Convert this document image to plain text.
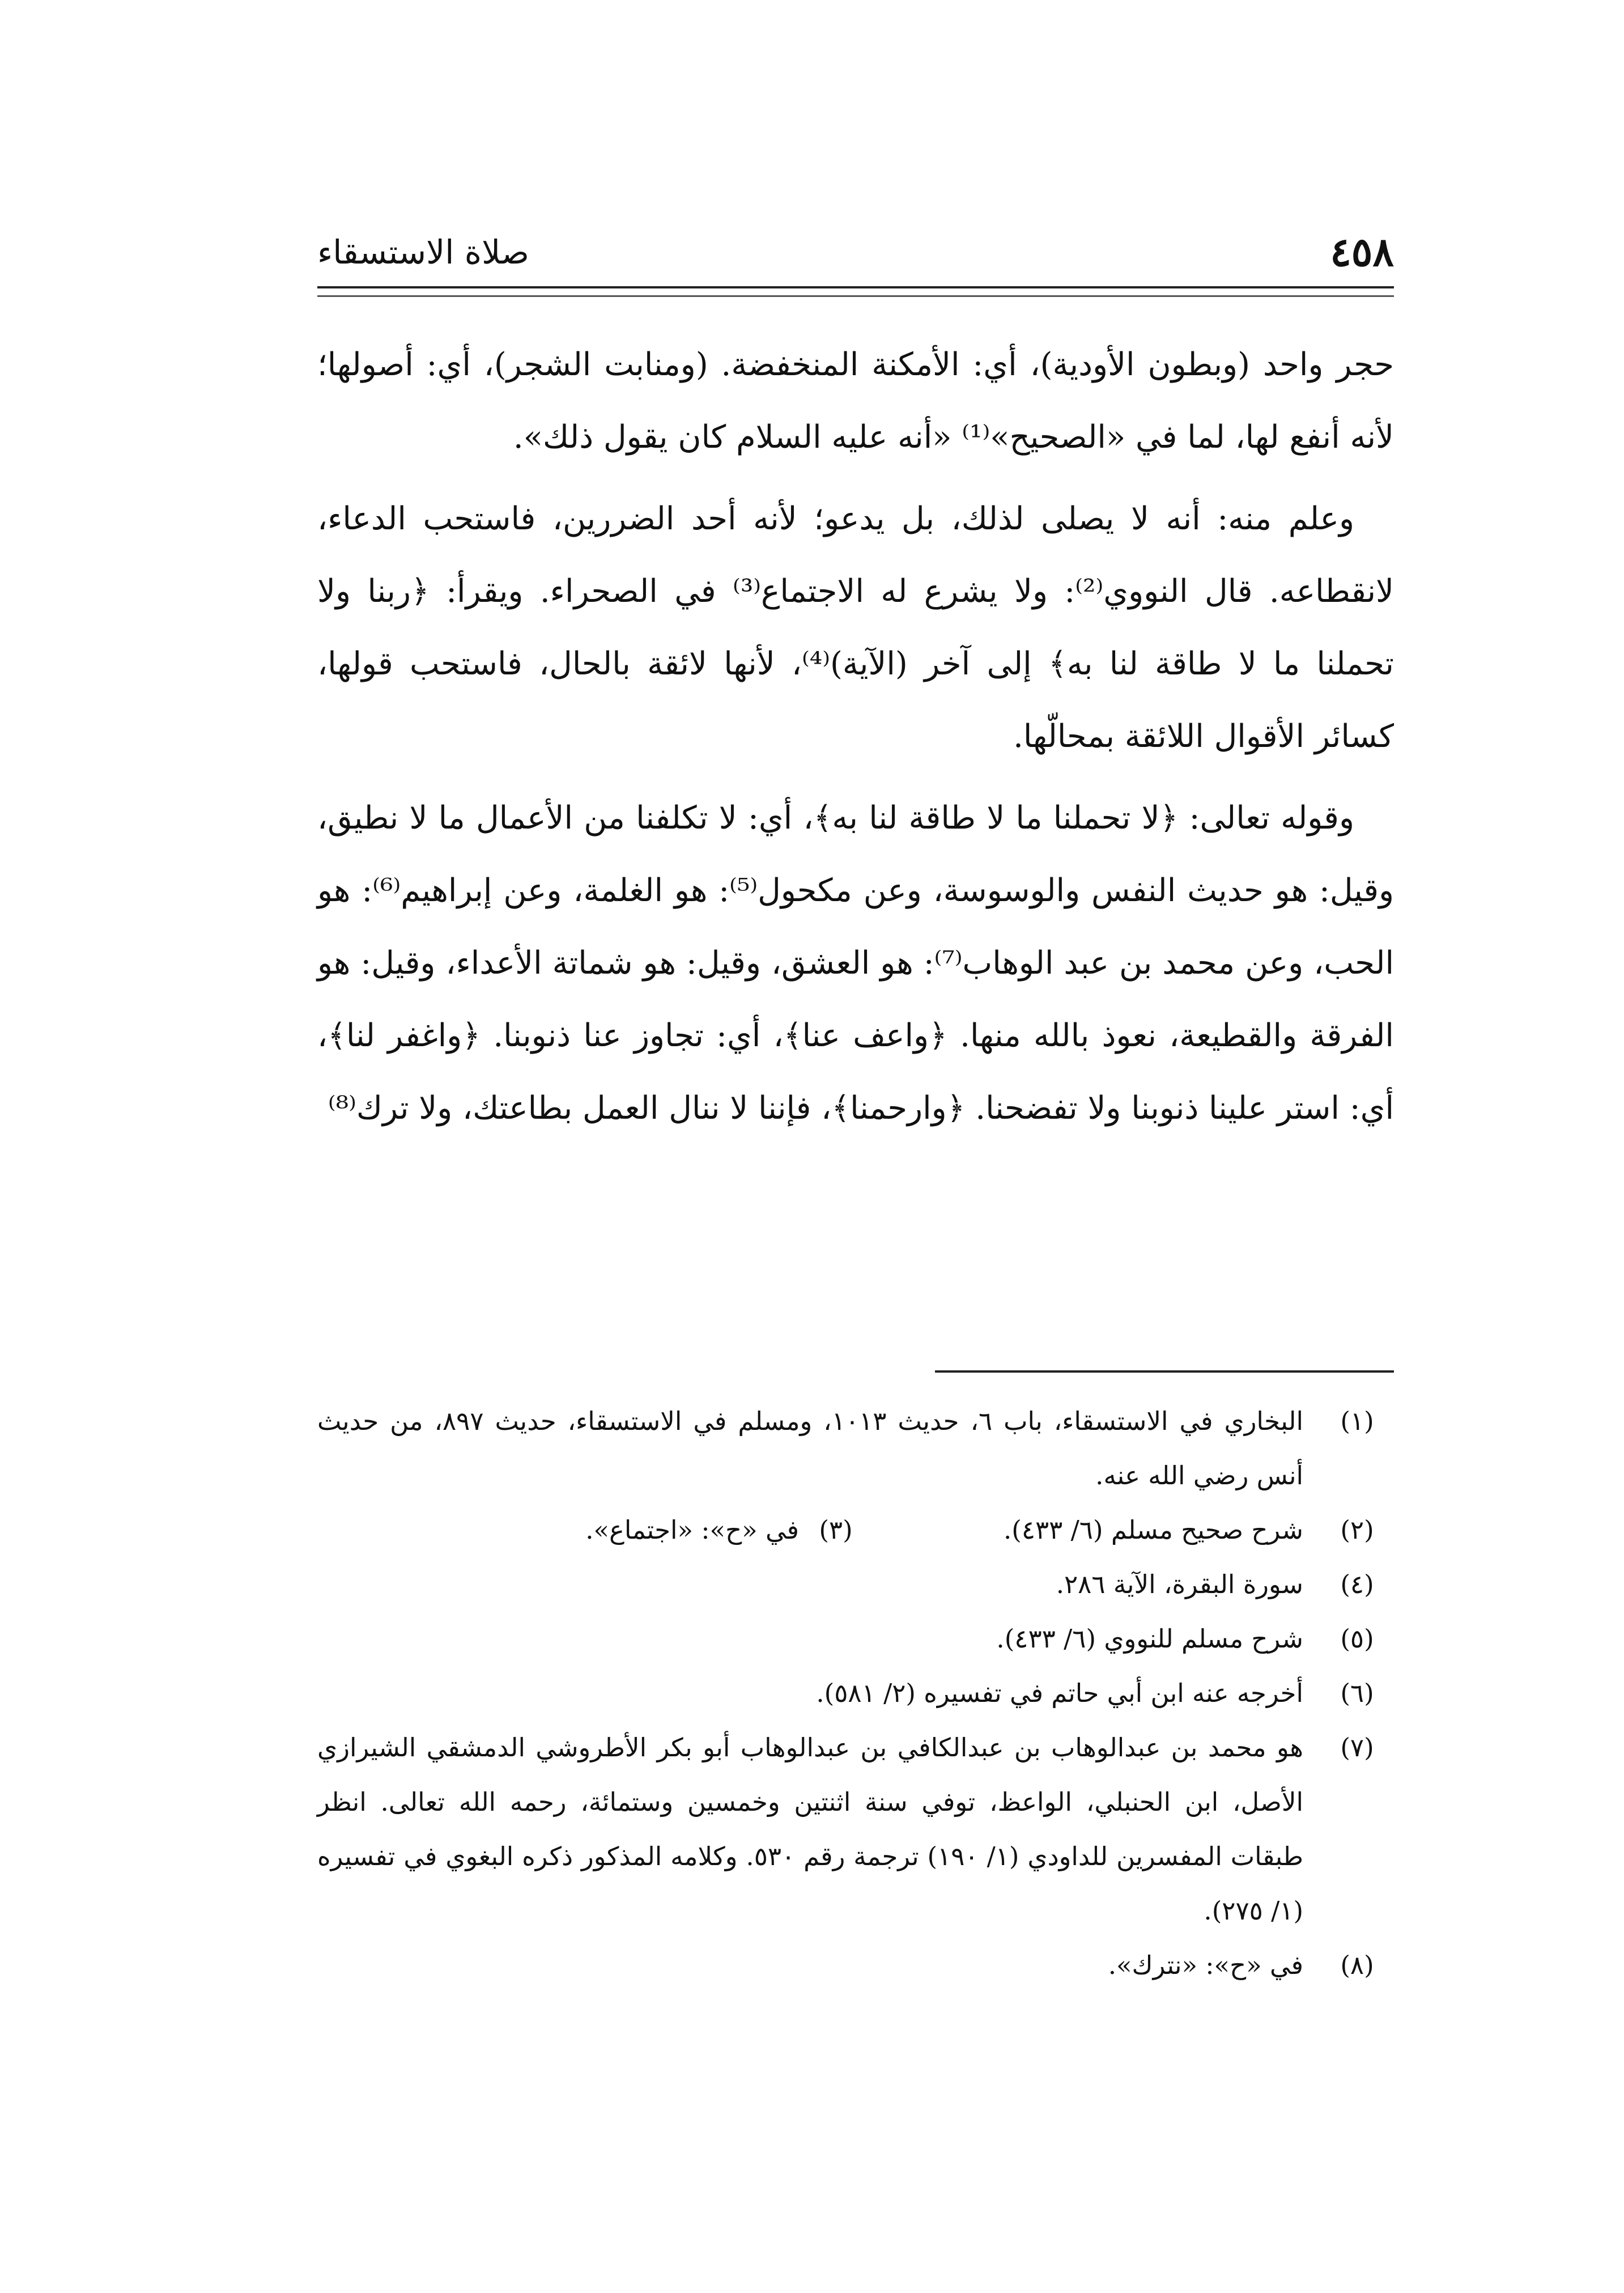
٤٥٨
صلاة الاستسقاء

حجر واحد (وبطون الأودية)، أي: الأمكنة المنخفضة. (ومنابت الشجر)، أي: أصولها؛ لأنه أنفع لها، لما في «الصحيح»⁽¹⁾ «أنه عليه السلام كان يقول ذلك».

وعلم منه: أنه لا يصلى لذلك، بل يدعو؛ لأنه أحد الضررين، فاستحب الدعاء، لانقطاعه. قال النووي⁽²⁾: ولا يشرع له الاجتماع⁽³⁾ في الصحراء. ويقرأ: ﴿ربنا ولا تحملنا ما لا طاقة لنا به﴾ إلى آخر (الآية)⁽⁴⁾، لأنها لائقة بالحال، فاستحب قولها، كسائر الأقوال اللائقة بمحالّها.

وقوله تعالى: ﴿لا تحملنا ما لا طاقة لنا به﴾، أي: لا تكلفنا من الأعمال ما لا نطيق، وقيل: هو حديث النفس والوسوسة، وعن مكحول⁽⁵⁾: هو الغلمة، وعن إبراهيم⁽⁶⁾: هو الحب، وعن محمد بن عبد الوهاب⁽⁷⁾: هو العشق، وقيل: هو شماتة الأعداء، وقيل: هو الفرقة والقطيعة، نعوذ بالله منها. ﴿واعف عنا﴾، أي: تجاوز عنا ذنوبنا. ﴿واغفر لنا﴾، أي: استر علينا ذنوبنا ولا تفضحنا. ﴿وارحمنا﴾، فإننا لا ننال العمل بطاعتك، ولا ترك⁽⁸⁾

(١)
البخاري في الاستسقاء، باب ٦، حديث ١٠١٣، ومسلم في الاستسقاء، حديث ٨٩٧، من حديث أنس رضي الله عنه.
(٢)
شرح صحيح مسلم (٦/ ٤٣٣).
(٣)
في «ح»: «اجتماع».
(٤)
سورة البقرة، الآية ٢٨٦.
(٥)
شرح مسلم للنووي (٦/ ٤٣٣).
(٦)
أخرجه عنه ابن أبي حاتم في تفسيره (٢/ ٥٨١).
(٧)
هو محمد بن عبدالوهاب بن عبدالكافي بن عبدالوهاب أبو بكر الأطروشي الدمشقي الشيرازي الأصل، ابن الحنبلي، الواعظ، توفي سنة اثنتين وخمسين وستمائة، رحمه الله تعالى. انظر طبقات المفسرين للداودي (١/ ١٩٠) ترجمة رقم ٥٣٠. وكلامه المذكور ذكره البغوي في تفسيره (١/ ٢٧٥).
(٨)
في «ح»: «نترك».
